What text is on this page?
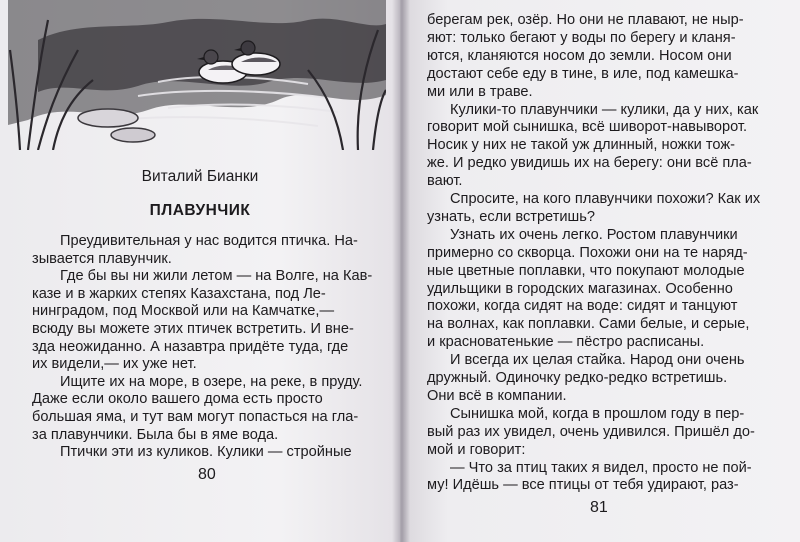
Виталий Бианки
ПЛАВУНЧИК
Преудивительная у нас водится птичка. На-
зывается плавунчик.
Где бы вы ни жили летом — на Волге, на Кав-
казе и в жарких степях Казахстана, под Ле-
нинградом, под Москвой или на Камчатке,—
всюду вы можете этих птичек встретить. И вне-
зда неожиданно. А назавтра придёте туда, где
их видели,— их уже нет.
Ищите их на море, в озере, на реке, в пруду.
Даже если около вашего дома есть просто
большая яма, и тут вам могут попасться на гла-
за плавунчики. Была бы в яме вода.
Птички эти из куликов. Кулики — стройные
80
берегам рек, озёр. Но они не плавают, не ныр-
яют: только бегают у воды по берегу и кланя-
ются, кланяются носом до земли. Носом они
достают себе еду в тине, в иле, под камешка-
ми или в траве.
Кулики-то плавунчики — кулики, да у них, как
говорит мой сынишка, всё шиворот-навыворот.
Носик у них не такой уж длинный, ножки тож-
же. И редко увидишь их на берегу: они всё пла-
вают.
Спросите, на кого плавунчики похожи? Как их
узнать, если встретишь?
Узнать их очень легко. Ростом плавунчики
примерно со скворца. Похожи они на те наряд-
ные цветные поплавки, что покупают молодые
удильщики в городских магазинах. Особенно
похожи, когда сидят на воде: сидят и танцуют
на волнах, как поплавки. Сами белые, и серые,
и красноватенькие — пёстро расписаны.
И всегда их целая стайка. Народ они очень
дружный. Одиночку редко-редко встретишь.
Они всё в компании.
Сынишка мой, когда в прошлом году в пер-
вый раз их увидел, очень удивился. Пришёл до-
мой и говорит:
— Что за птиц таких я видел, просто не пой-
му! Идёшь — все птицы от тебя удирают, раз-
81
